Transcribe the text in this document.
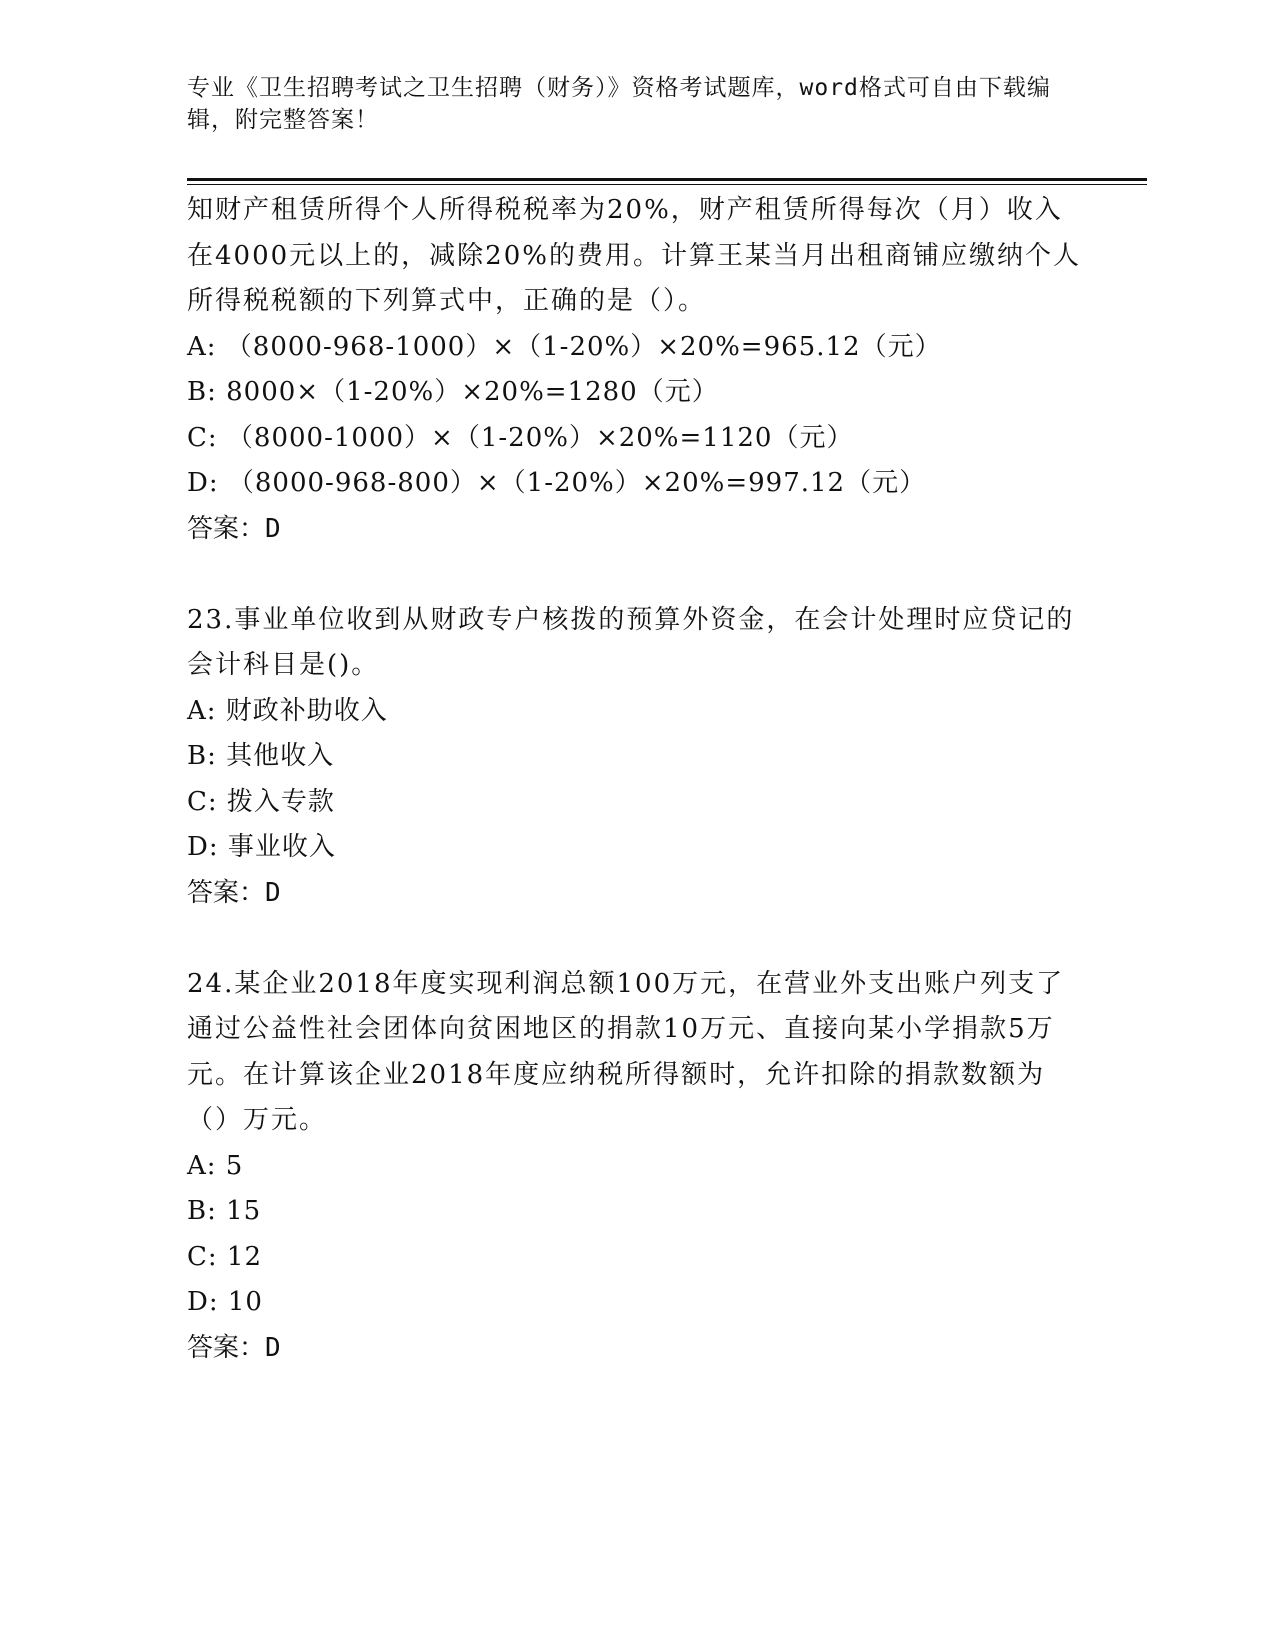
专业《卫生招聘考试之卫生招聘（财务）》资格考试题库，word格式可自由下载编辑，附完整答案！
知财产租赁所得个人所得税税率为20%，财产租赁所得每次（月）收入在4000元以上的，减除20%的费用。计算王某当月出租商铺应缴纳个人所得税税额的下列算式中，正确的是（）。
A: （8000-968-1000）×（1-20%）×20%=965.12（元）
B: 8000×（1-20%）×20%=1280（元）
C: （8000-1000）×（1-20%）×20%=1120（元）
D: （8000-968-800）×（1-20%）×20%=997.12（元）
答案：D
23.事业单位收到从财政专户核拨的预算外资金，在会计处理时应贷记的会计科目是()。
A: 财政补助收入
B: 其他收入
C: 拨入专款
D: 事业收入
答案：D
24.某企业2018年度实现利润总额100万元，在营业外支出账户列支了通过公益性社会团体向贫困地区的捐款10万元、直接向某小学捐款5万元。在计算该企业2018年度应纳税所得额时，允许扣除的捐款数额为（）万元。
A: 5
B: 15
C: 12
D: 10
答案：D
